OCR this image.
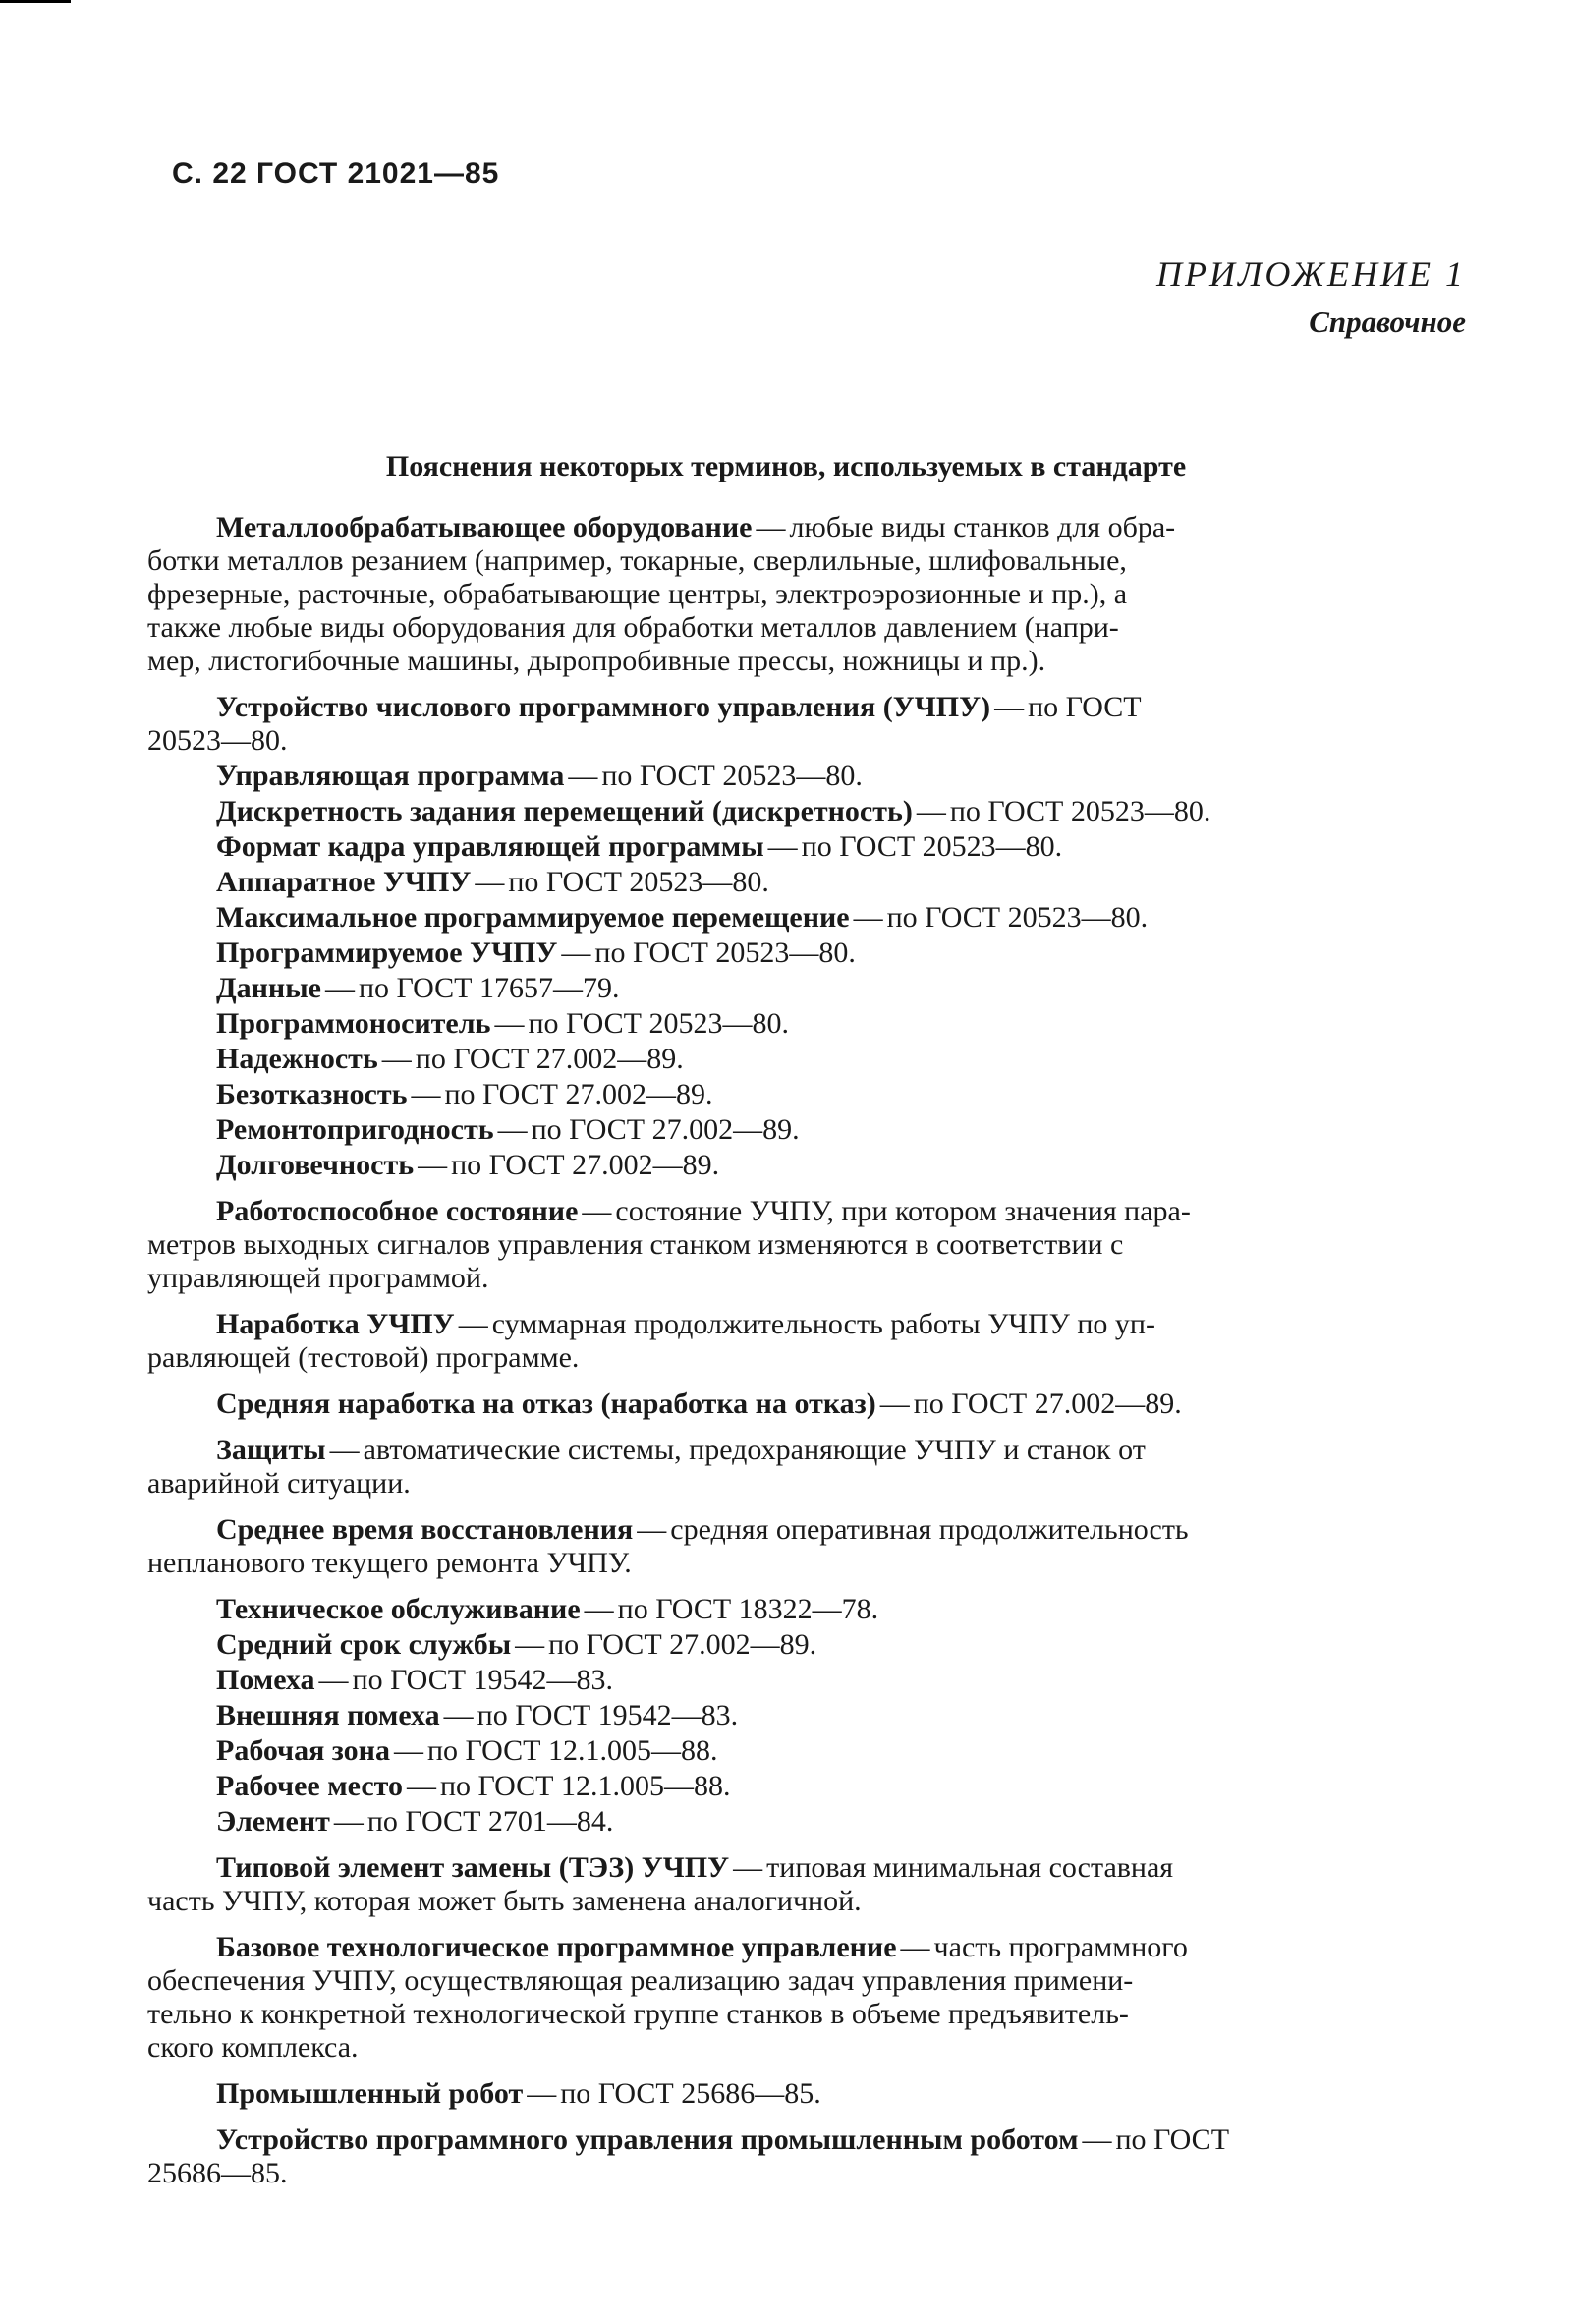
С. 22 ГОСТ 21021—85
ПРИЛОЖЕНИЕ 1
Справочное
Пояснения некоторых терминов, используемых в стандарте
Металлообрабатывающее оборудование — любые виды станков для обра-
ботки металлов резанием (например, токарные, сверлильные, шлифовальные,
фрезерные, расточные, обрабатывающие центры, электроэрозионные и пр.), а
также любые виды оборудования для обработки металлов давлением (напри-
мер, листогибочные машины, дыропробивные прессы, ножницы и пр.).
Устройство числового программного управления (УЧПУ) — по ГОСТ
20523—80.
Управляющая программа — по ГОСТ 20523—80.
Дискретность задания перемещений (дискретность) — по ГОСТ 20523—80.
Формат кадра управляющей программы — по ГОСТ 20523—80.
Аппаратное УЧПУ — по ГОСТ 20523—80.
Максимальное программируемое перемещение — по ГОСТ 20523—80.
Программируемое УЧПУ — по ГОСТ 20523—80.
Данные — по ГОСТ 17657—79.
Программоноситель — по ГОСТ 20523—80.
Надежность — по ГОСТ 27.002—89.
Безотказность — по ГОСТ 27.002—89.
Ремонтопригодность — по ГОСТ 27.002—89.
Долговечность — по ГОСТ 27.002—89.
Работоспособное состояние — состояние УЧПУ, при котором значения пара-
метров выходных сигналов управления станком изменяются в соответствии с
управляющей программой.
Наработка УЧПУ — суммарная продолжительность работы УЧПУ по уп-
равляющей (тестовой) программе.
Средняя наработка на отказ (наработка на отказ) — по ГОСТ 27.002—89.
Защиты — автоматические системы, предохраняющие УЧПУ и станок от
аварийной ситуации.
Среднее время восстановления — средняя оперативная продолжительность
непланового текущего ремонта УЧПУ.
Техническое обслуживание — по ГОСТ 18322—78.
Средний срок службы — по ГОСТ 27.002—89.
Помеха — по ГОСТ 19542—83.
Внешняя помеха — по ГОСТ 19542—83.
Рабочая зона — по ГОСТ 12.1.005—88.
Рабочее место — по ГОСТ 12.1.005—88.
Элемент — по ГОСТ 2701—84.
Типовой элемент замены (ТЭЗ) УЧПУ — типовая минимальная составная
часть УЧПУ, которая может быть заменена аналогичной.
Базовое технологическое программное управление — часть программного
обеспечения УЧПУ, осуществляющая реализацию задач управления примени-
тельно к конкретной технологической группе станков в объеме предъявитель-
ского комплекса.
Промышленный робот — по ГОСТ 25686—85.
Устройство программного управления промышленным роботом — по ГОСТ
25686—85.
